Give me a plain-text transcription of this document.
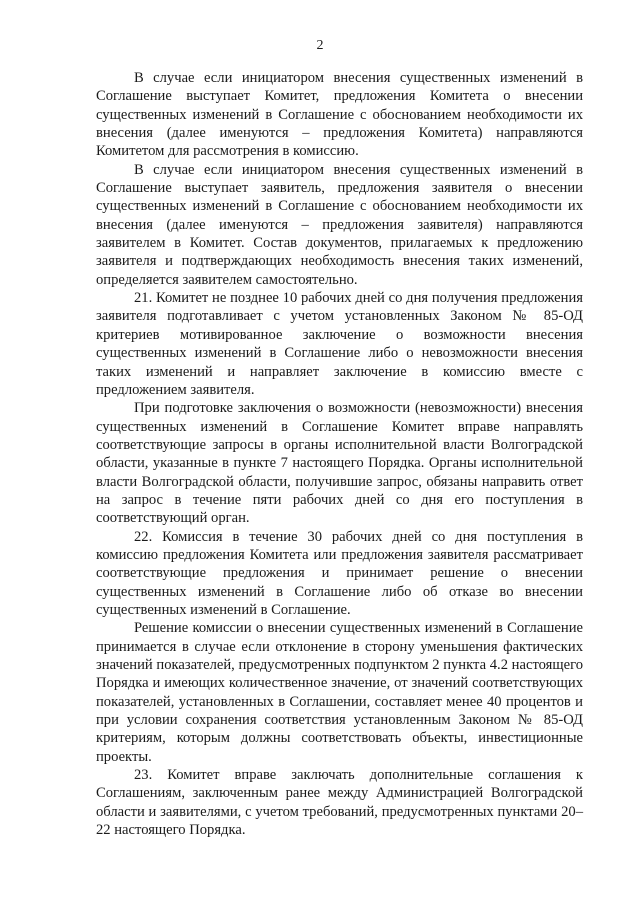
2

В случае если инициатором внесения существенных изменений в Соглашение выступает Комитет, предложения Комитета о внесении существенных изменений в Соглашение с обоснованием необходимости их внесения (далее именуются – предложения Комитета) направляются Комитетом для рассмотрения в комиссию.

В случае если инициатором внесения существенных изменений в Соглашение выступает заявитель, предложения заявителя о внесении существенных изменений в Соглашение с обоснованием необходимости их внесения (далее именуются – предложения заявителя) направляются заявителем в Комитет. Состав документов, прилагаемых к предложению заявителя и подтверждающих необходимость внесения таких изменений, определяется заявителем самостоятельно.

21. Комитет не позднее 10 рабочих дней со дня получения предложения заявителя подготавливает с учетом установленных Законом № 85-ОД критериев мотивированное заключение о возможности внесения существенных изменений в Соглашение либо о невозможности внесения таких изменений и направляет заключение в комиссию вместе с предложением заявителя.

При подготовке заключения о возможности (невозможности) внесения существенных изменений в Соглашение Комитет вправе направлять соответствующие запросы в органы исполнительной власти Волгоградской области, указанные в пункте 7 настоящего Порядка. Органы исполнительной власти Волгоградской области, получившие запрос, обязаны направить ответ на запрос в течение пяти рабочих дней со дня его поступления в соответствующий орган.

22. Комиссия в течение 30 рабочих дней со дня поступления в комиссию предложения Комитета или предложения заявителя рассматривает соответствующие предложения и принимает решение о внесении существенных изменений в Соглашение либо об отказе во внесении существенных изменений в Соглашение.

Решение комиссии о внесении существенных изменений в Соглашение принимается в случае если отклонение в сторону уменьшения фактических значений показателей, предусмотренных подпунктом 2 пункта 4.2 настоящего Порядка и имеющих количественное значение, от значений соответствующих показателей, установленных в Соглашении, составляет менее 40 процентов и при условии сохранения соответствия установленным Законом № 85-ОД критериям, которым должны соответствовать объекты, инвестиционные проекты.

23. Комитет вправе заключать дополнительные соглашения к Соглашениям, заключенным ранее между Администрацией Волгоградской области и заявителями, с учетом требований, предусмотренных пунктами 20–22 настоящего Порядка.
